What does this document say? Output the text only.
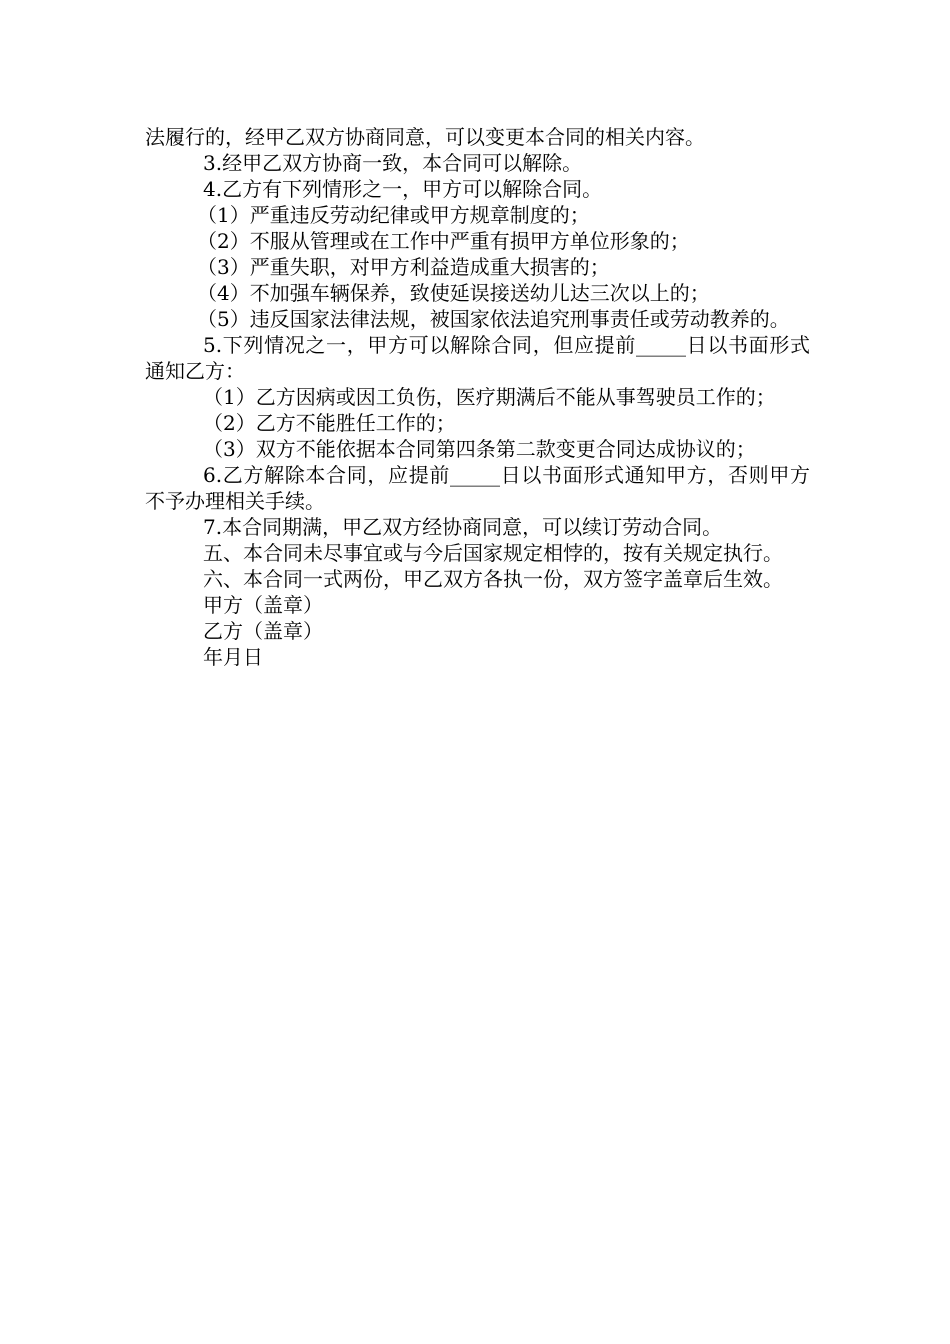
法履行的，经甲乙双方协商同意，可以变更本合同的相关内容。

3.经甲乙双方协商一致，本合同可以解除。

4.乙方有下列情形之一，甲方可以解除合同。

（1）严重违反劳动纪律或甲方规章制度的；

（2）不服从管理或在工作中严重有损甲方单位形象的；

（3）严重失职，对甲方利益造成重大损害的；

（4）不加强车辆保养，致使延误接送幼儿达三次以上的；

（5）违反国家法律法规，被国家依法追究刑事责任或劳动教养的。

5.下列情况之一，甲方可以解除合同，但应提前_____日以书面形式通知乙方：

（1）乙方因病或因工负伤，医疗期满后不能从事驾驶员工作的；

（2）乙方不能胜任工作的；

（3）双方不能依据本合同第四条第二款变更合同达成协议的；

6.乙方解除本合同，应提前_____日以书面形式通知甲方，否则甲方不予办理相关手续。

7.本合同期满，甲乙双方经协商同意，可以续订劳动合同。

五、本合同未尽事宜或与今后国家规定相悖的，按有关规定执行。

六、本合同一式两份，甲乙双方各执一份，双方签字盖章后生效。

甲方（盖章）

乙方（盖章）

年月日
